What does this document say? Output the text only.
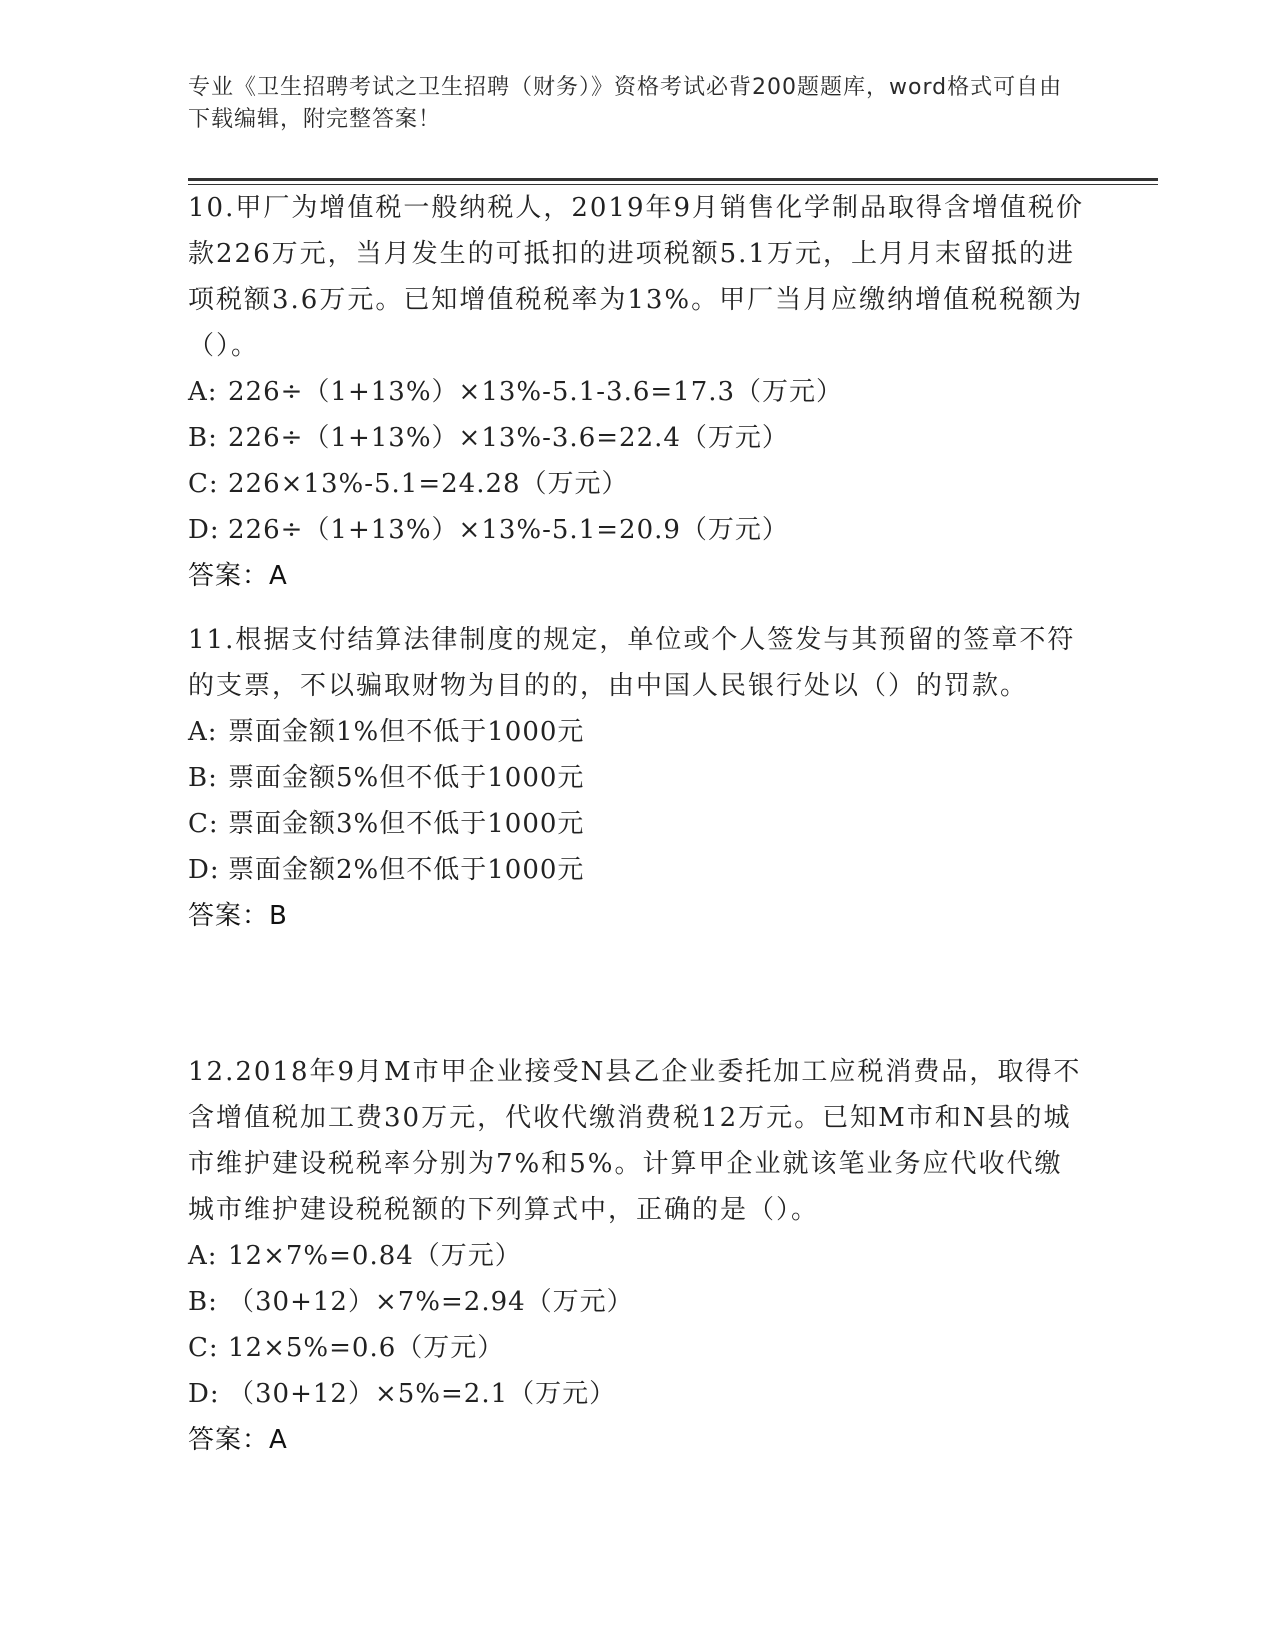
专业《卫生招聘考试之卫生招聘（财务）》资格考试必背200题题库，word格式可自由下载编辑，附完整答案！
10.甲厂为增值税一般纳税人，2019年9月销售化学制品取得含增值税价款226万元，当月发生的可抵扣的进项税额5.1万元，上月月末留抵的进项税额3.6万元。已知增值税税率为13%。甲厂当月应缴纳增值税税额为（）。
A: 226÷（1+13%）×13%-5.1-3.6=17.3（万元）
B: 226÷（1+13%）×13%-3.6=22.4（万元）
C: 226×13%-5.1=24.28（万元）
D: 226÷（1+13%）×13%-5.1=20.9（万元）
答案：A
11.根据支付结算法律制度的规定，单位或个人签发与其预留的签章不符的支票，不以骗取财物为目的的，由中国人民银行处以（）的罚款。
A: 票面金额1%但不低于1000元
B: 票面金额5%但不低于1000元
C: 票面金额3%但不低于1000元
D: 票面金额2%但不低于1000元
答案：B
12.2018年9月M市甲企业接受N县乙企业委托加工应税消费品，取得不含增值税加工费30万元，代收代缴消费税12万元。已知M市和N县的城市维护建设税税率分别为7%和5%。计算甲企业就该笔业务应代收代缴城市维护建设税税额的下列算式中，正确的是（）。
A: 12×7%=0.84（万元）
B: （30+12）×7%=2.94（万元）
C: 12×5%=0.6（万元）
D: （30+12）×5%=2.1（万元）
答案：A
